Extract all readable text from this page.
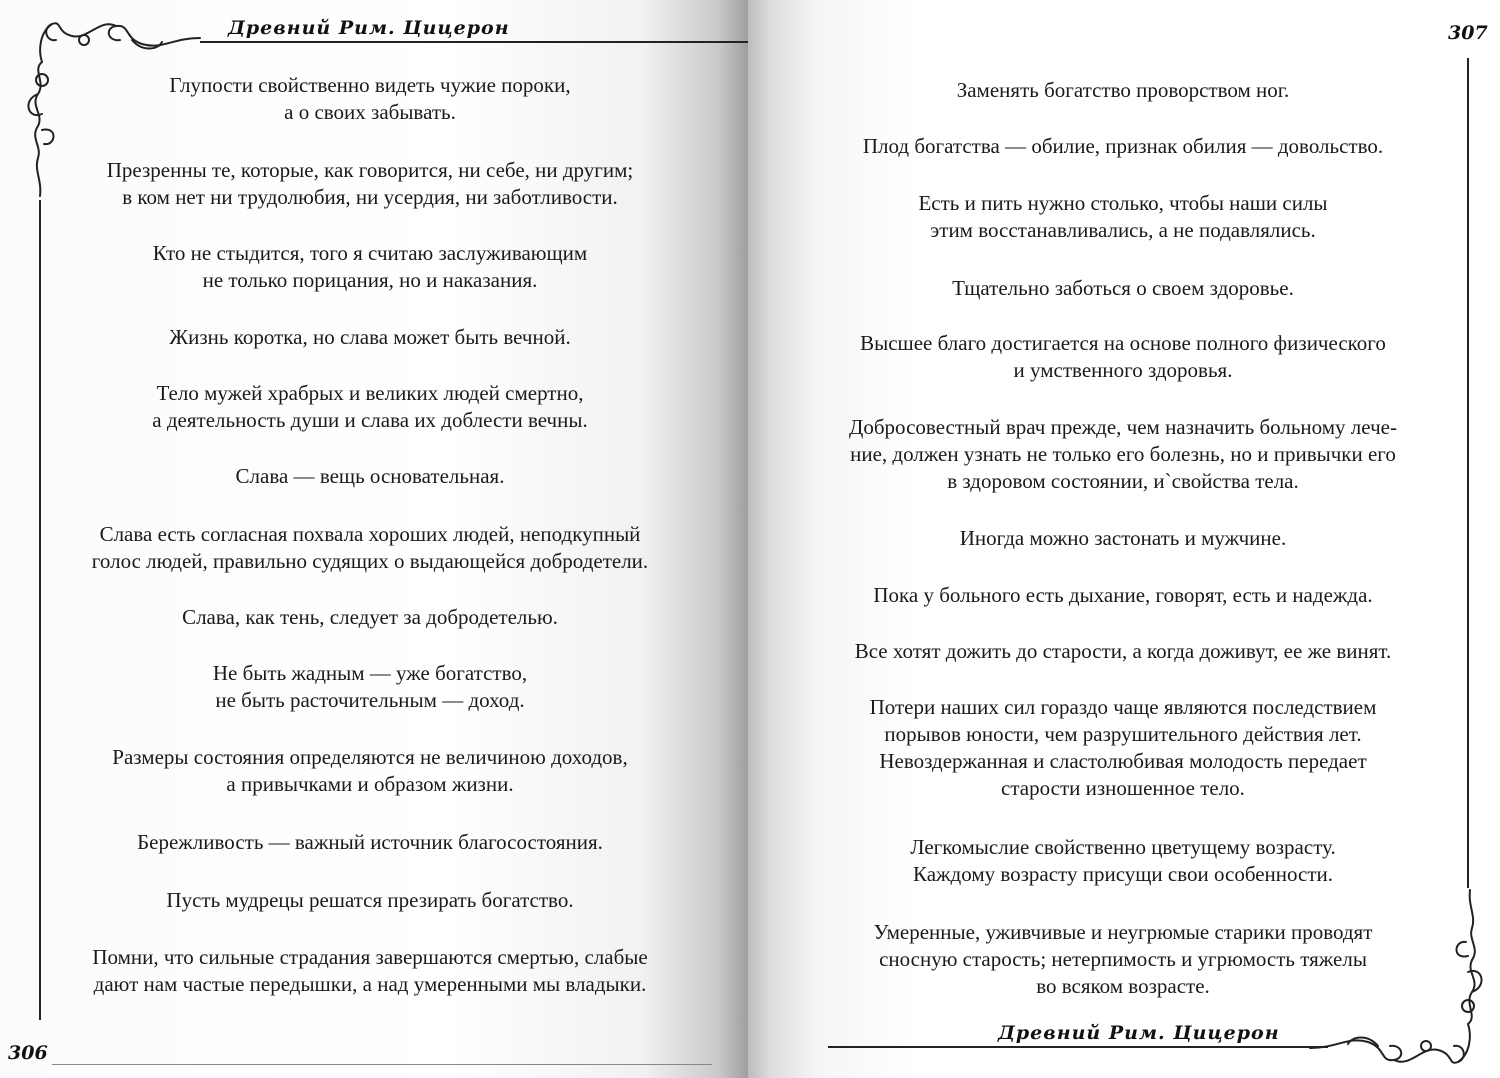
Древний Рим. Цицерон
306
Глупости свойственно видеть чужие пороки,
а о своих забывать.
Презренны те, которые, как говорится, ни себе, ни другим;
в ком нет ни трудолюбия, ни усердия, ни заботливости.
Кто не стыдится, того я считаю заслуживающим
не только порицания, но и наказания.
Жизнь коротка, но слава может быть вечной.
Тело мужей храбрых и великих людей смертно,
а деятельность души и слава их доблести вечны.
Слава — вещь основательная.
Слава есть согласная похвала хороших людей, неподкупный
голос людей, правильно судящих о выдающейся добродетели.
Слава, как тень, следует за добродетелью.
Не быть жадным — уже богатство,
не быть расточительным — доход.
Размеры состояния определяются не величиною доходов,
а привычками и образом жизни.
Бережливость — важный источник благосостояния.
Пусть мудрецы решатся презирать богатство.
Помни, что сильные страдания завершаются смертью, слабые
дают нам частые передышки, а над умеренными мы владыки.
307
Заменять богатство проворством ног.
Плод богатства — обилие, признак обилия — довольство.
Есть и пить нужно столько, чтобы наши силы
этим восстанавливались, а не подавлялись.
Тщательно заботься о своем здоровье.
Высшее благо достигается на основе полного физического
и умственного здоровья.
Добросовестный врач прежде, чем назначить больному лече-
ние, должен узнать не только его болезнь, но и привычки его
в здоровом состоянии, и`свойства тела.
Иногда можно застонать и мужчине.
Пока у больного есть дыхание, говорят, есть и надежда.
Все хотят дожить до старости, а когда доживут, ее же винят.
Потери наших сил гораздо чаще являются последствием
порывов юности, чем разрушительного действия лет.
Невоздержанная и сластолюбивая молодость передает
старости изношенное тело.
Легкомыслие свойственно цветущему возрасту.
Каждому возрасту присущи свои особенности.
Умеренные, уживчивые и неугрюмые старики проводят
сносную старость; нетерпимость и угрюмость тяжелы
во всяком возрасте.
Древний Рим. Цицерон
